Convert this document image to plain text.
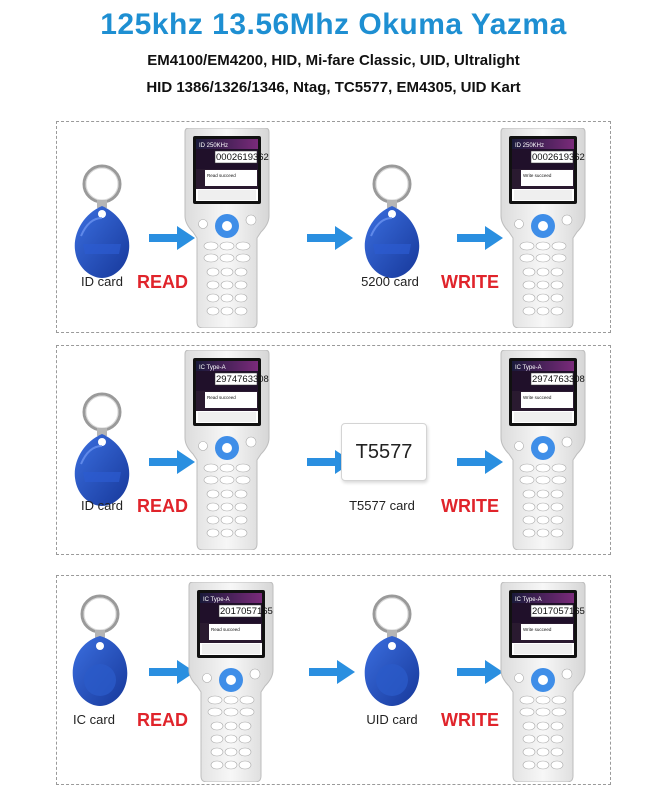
125khz 13.56Mhz Okuma Yazma
EM4100/EM4200, HID, Mi-fare Classic, UID, Ultralight
HID 1386/1326/1346, Ntag, TC5577, EM4305, UID Kart
ID card READ
ID 250KHz
0002619362
Read succeed
5200 card	WRITE
ID 250KHz
0002619362
Write succeed
ID card READ
IC Type-A
2974763308
Read succeed
T5577
T5577 card	WRITE
IC Type-A
2974763308
Write succeed
IC card	READ
IC Type-A
2017057165
Read succeed
UID card	WRITE
IC Type-A
2017057165
Write succeed
